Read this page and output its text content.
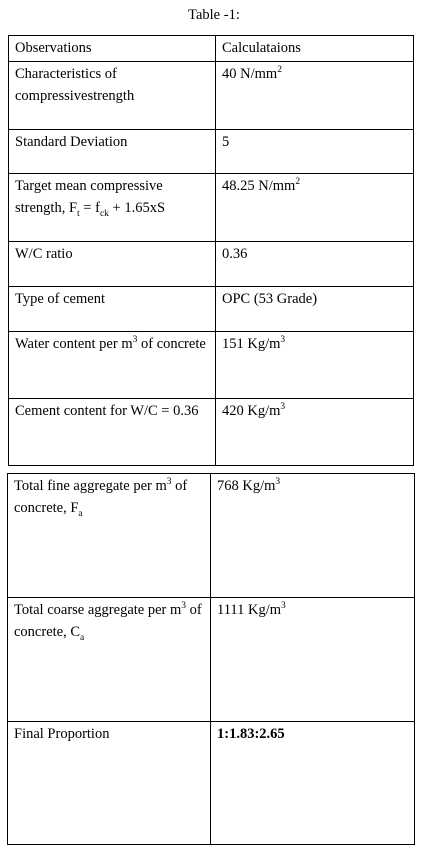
Table -1:
Observations	Calculataions
Characteristics of compressivestrength	40 $N/mm^2$
Standard Deviation	5
Target mean compressive strength, $F_t = f_{ck} + 1.65xS$	48.25 $N/mm^2$
W/C ratio	0.36
Type of cement	OPC (53 Grade)
Water content per $m^3$ of concrete	151 $Kg/m^3$
Cement content for W/C = 0.36	420 $Kg/m^3$
Total fine aggregate per $m^3$ of concrete, $F_a$	768 $Kg/m^3$
Total coarse aggregate per $m^3$ of concrete, $C_a$	1111 $Kg/m^3$
Final Proportion	1:1.83:2.65
